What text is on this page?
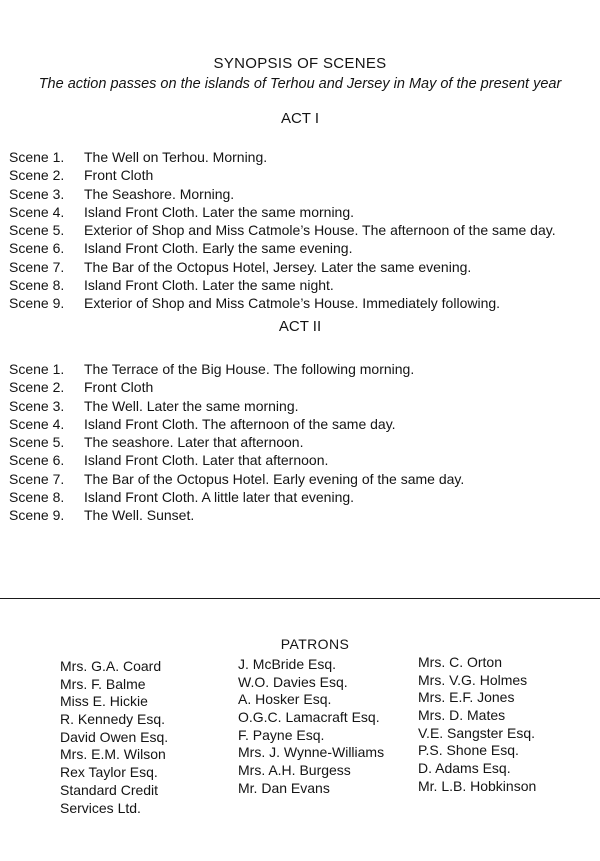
SYNOPSIS OF SCENES
The action passes on the islands of Terhou and Jersey in May of the present year
ACT I
Scene 1. The Well on Terhou. Morning.
Scene 2. Front Cloth
Scene 3. The Seashore. Morning.
Scene 4. Island Front Cloth. Later the same morning.
Scene 5. Exterior of Shop and Miss Catmole’s House. The afternoon of the same day.
Scene 6. Island Front Cloth. Early the same evening.
Scene 7. The Bar of the Octopus Hotel, Jersey. Later the same evening.
Scene 8. Island Front Cloth. Later the same night.
Scene 9. Exterior of Shop and Miss Catmole’s House. Immediately following.
ACT II
Scene 1. The Terrace of the Big House. The following morning.
Scene 2. Front Cloth
Scene 3. The Well. Later the same morning.
Scene 4. Island Front Cloth. The afternoon of the same day.
Scene 5. The seashore. Later that afternoon.
Scene 6. Island Front Cloth. Later that afternoon.
Scene 7. The Bar of the Octopus Hotel. Early evening of the same day.
Scene 8. Island Front Cloth. A little later that evening.
Scene 9. The Well. Sunset.
PATRONS
Mrs. G.A. Coard
Mrs. F. Balme
Miss E. Hickie
R. Kennedy Esq.
David Owen Esq.
Mrs. E.M. Wilson
Rex Taylor Esq.
Standard Credit
Services Ltd.
J. McBride Esq.
W.O. Davies Esq.
A. Hosker Esq.
O.G.C. Lamacraft Esq.
F. Payne Esq.
Mrs. J. Wynne-Williams
Mrs. A.H. Burgess
Mr. Dan Evans
Mrs. C. Orton
Mrs. V.G. Holmes
Mrs. E.F. Jones
Mrs. D. Mates
V.E. Sangster Esq.
P.S. Shone Esq.
D. Adams Esq.
Mr. L.B. Hobkinson
